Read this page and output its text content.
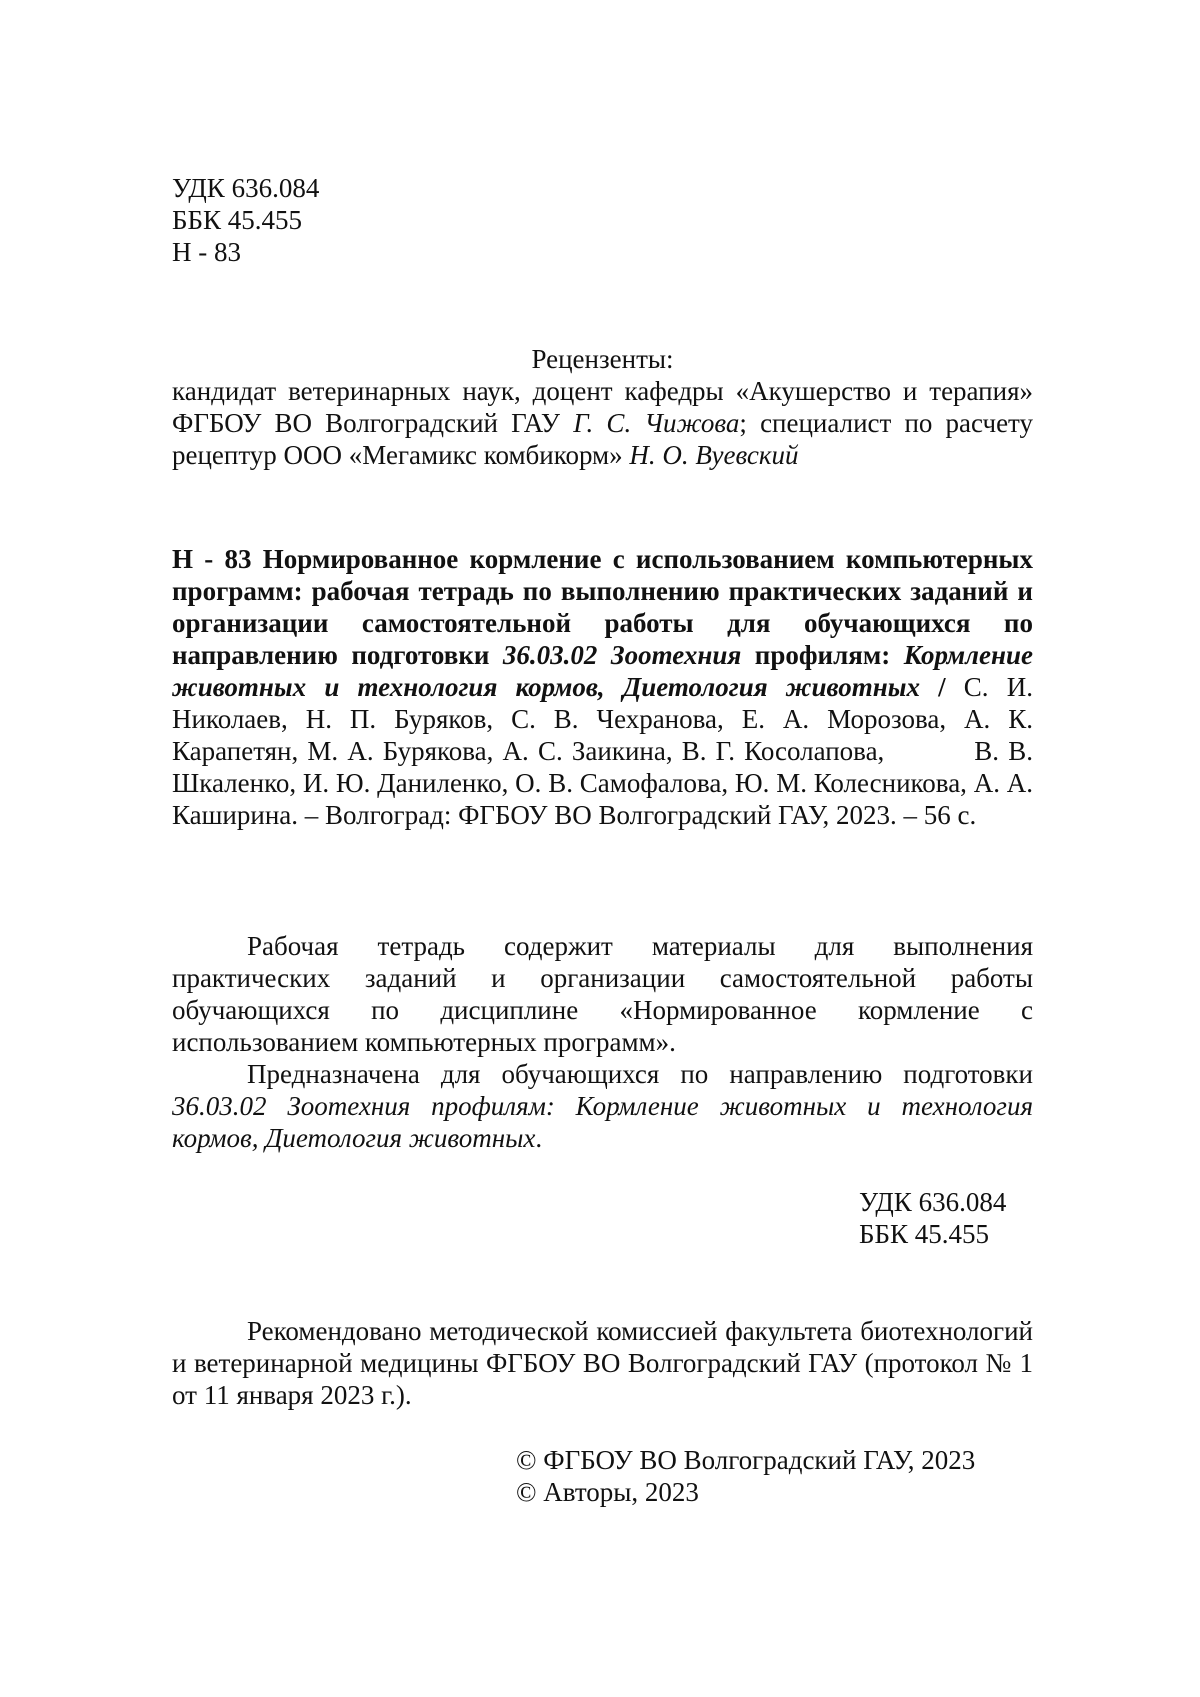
УДК 636.084
ББК 45.455
Н - 83
Рецензенты:
кандидат ветеринарных наук, доцент кафедры «Акушерство и терапия» ФГБОУ ВО Волгоградский ГАУ Г. С. Чижова; специалист по расчету рецептур ООО «Мегамикс комбикорм» Н. О. Вуевский
Н - 83 Нормированное кормление с использованием компьютерных программ: рабочая тетрадь по выполнению практических заданий и организации самостоятельной работы для обучающихся по направлению подготовки 36.03.02 Зоотехния профилям: Кормление животных и технология кормов, Диетология животных / С. И. Николаев, Н. П. Буряков, С. В. Чехранова, Е. А. Морозова, А. К. Карапетян, М. А. Бурякова, А. С. Заикина, В. Г. Косолапова,	В. В. Шкаленко, И. Ю. Даниленко, О. В. Самофалова, Ю. М. Колесникова, А. А. Каширина. – Волгоград: ФГБОУ ВО Волгоградский ГАУ, 2023. – 56 с.
Рабочая тетрадь содержит материалы для выполнения практических заданий и организации самостоятельной работы обучающихся по дисциплине «Нормированное кормление с использованием компьютерных программ».
Предназначена для обучающихся по направлению подготовки 36.03.02 Зоотехния профилям: Кормление животных и технология кормов, Диетология животных.
УДК 636.084
ББК 45.455
Рекомендовано методической комиссией факультета биотехнологий и ветеринарной медицины ФГБОУ ВО Волгоградский ГАУ (протокол № 1 от 11 января 2023 г.).
© ФГБОУ ВО Волгоградский ГАУ, 2023
© Авторы, 2023
